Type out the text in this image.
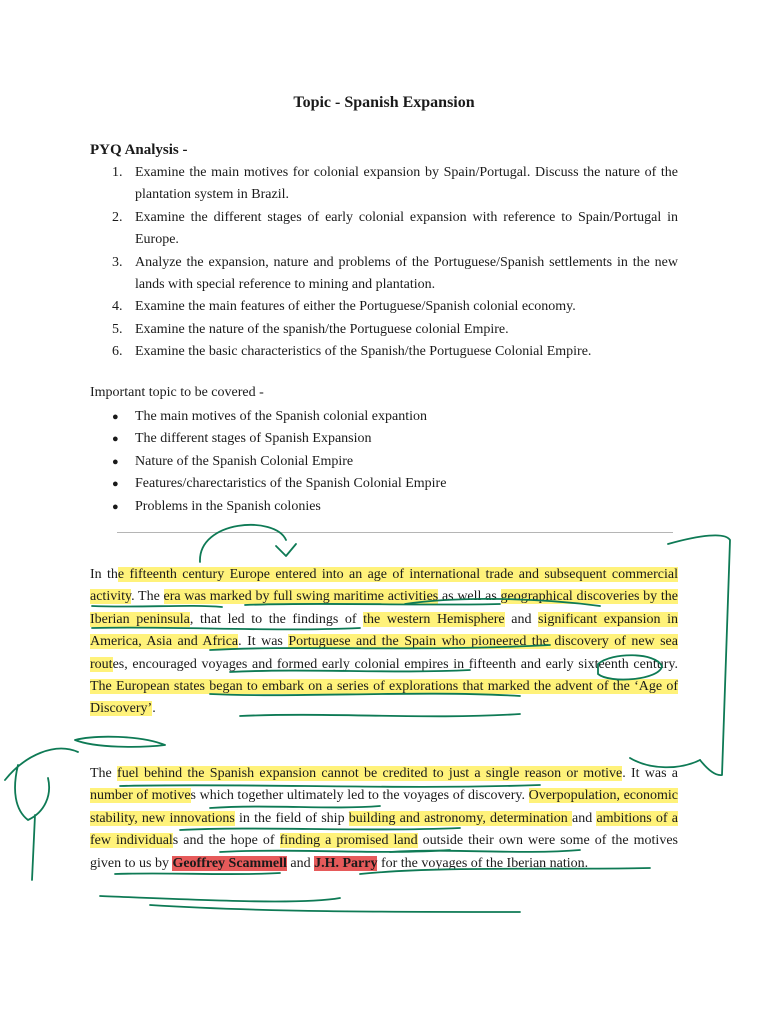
Topic - Spanish Expansion
PYQ Analysis -
1. Examine the main motives for colonial expansion by Spain/Portugal. Discuss the nature of the plantation system in Brazil.
2. Examine the different stages of early colonial expansion with reference to Spain/Portugal in Europe.
3. Analyze the expansion, nature and problems of the Portuguese/Spanish settlements in the new lands with special reference to mining and plantation.
4. Examine the main features of either the Portuguese/Spanish colonial economy.
5. Examine the nature of the spanish/the Portuguese colonial Empire.
6. Examine the basic characteristics of the Spanish/the Portuguese Colonial Empire.
Important topic to be covered -
● The main motives of the Spanish colonial expantion
● The different stages of Spanish Expansion
● Nature of the Spanish Colonial Empire
● Features/charectaristics of the Spanish Colonial Empire
● Problems in the Spanish colonies

In the fifteenth century Europe entered into an age of international trade and subsequent commercial activity. The era was marked by full swing maritime activities as well as geographical discoveries by the Iberian peninsula, that led to the findings of the western Hemisphere and significant expansion in America, Asia and Africa. It was Portuguese and the Spain who pioneered the discovery of new sea routes, encouraged voyages and formed early colonial empires in fifteenth and early sixteenth century. The European states began to embark on a series of explorations that marked the advent of the ‘Age of Discovery’.

The fuel behind the Spanish expansion cannot be credited to just a single reason or motive. It was a number of motives which together ultimately led to the voyages of discovery. Overpopulation, economic stability, new innovations in the field of ship building and astronomy, determination and ambitions of a few individuals and the hope of finding a promised land outside their own were some of the motives given to us by Geoffrey Scammell and J.H. Parry for the voyages of the Iberian nation.
